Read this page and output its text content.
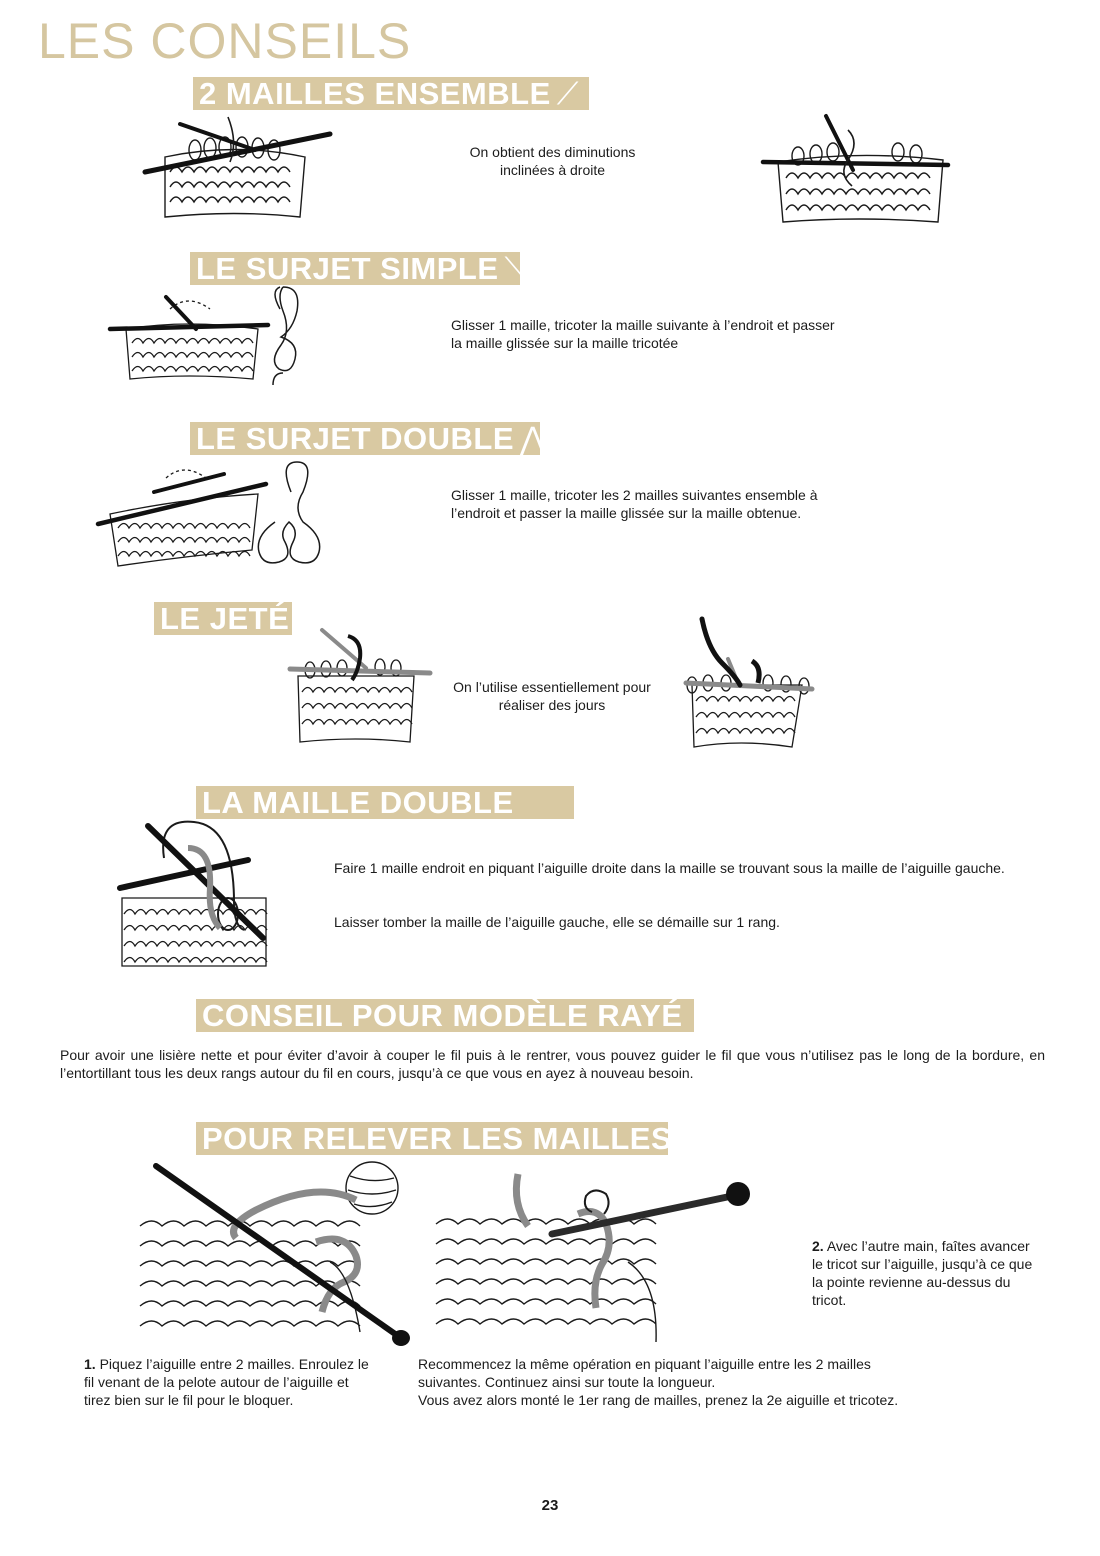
LES CONSEILS
2 MAILLES ENSEMBLE ⟋
On obtient des diminutions inclinées à droite
LE SURJET SIMPLE ⟍
Glisser 1 maille, tricoter la maille suivante à l’endroit et passer la maille glissée sur la maille tricotée
LE SURJET DOUBLE ⋀
Glisser 1 maille, tricoter les 2 mailles suivantes ensemble à l’endroit et passer la maille glissée sur la maille obtenue.
LE JETÉ
On l’utilise essentiellement pour réaliser des jours
LA MAILLE DOUBLE
Faire 1 maille endroit en piquant l’aiguille droite dans la maille se trouvant sous la maille de l’aiguille gauche.
Laisser tomber la maille de l’aiguille gauche, elle se démaille sur 1 rang.
CONSEIL POUR MODÈLE RAYÉ
Pour avoir une lisière nette et pour éviter d’avoir à couper le fil puis à le rentrer, vous pouvez guider le fil que vous n’utilisez pas le long de la bordure, en l’entortillant tous les deux rangs autour du fil en cours, jusqu’à ce que vous en ayez à nouveau besoin.
POUR RELEVER LES MAILLES
2. Avec l’autre main, faîtes avancer le tricot sur l’aiguille, jusqu’à ce que la pointe revienne au-dessus du tricot.
1. Piquez l’aiguille entre 2 mailles. Enroulez le fil venant de la pelote autour de l’aiguille et tirez bien sur le fil pour le bloquer.
Recommencez la même opération en piquant l’aiguille entre les 2 mailles suivantes. Continuez ainsi sur toute la longueur.
Vous avez alors monté le 1er rang de mailles, prenez la 2e aiguille et tricotez.
23
